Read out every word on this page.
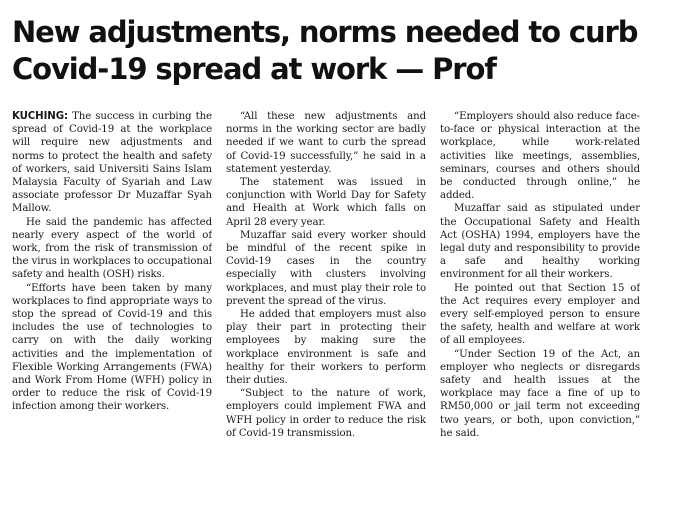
New adjustments, norms needed to curb Covid-19 spread at work — Prof

KUCHING: The success in curbing the spread of Covid-19 at the workplace will require new adjustments and norms to protect the health and safety of workers, said Universiti Sains Islam Malaysia Faculty of Syariah and Law associate professor Dr Muzaffar Syah Mallow.

He said the pandemic has affected nearly every aspect of the world of work, from the risk of transmission of the virus in workplaces to occupational safety and health (OSH) risks.

“Efforts have been taken by many workplaces to find appropriate ways to stop the spread of Covid-19 and this includes the use of technologies to carry on with the daily working activities and the implementation of Flexible Working Arrangements (FWA) and Work From Home (WFH) policy in order to reduce the risk of Covid-19 infection among their workers.

“All these new adjustments and norms in the working sector are badly needed if we want to curb the spread of Covid-19 successfully,” he said in a statement yesterday.

The statement was issued in conjunction with World Day for Safety and Health at Work which falls on April 28 every year.

Muzaffar said every worker should be mindful of the recent spike in Covid-19 cases in the country especially with clusters involving workplaces, and must play their role to prevent the spread of the virus.

He added that employers must also play their part in protecting their employees by making sure the workplace environment is safe and healthy for their workers to perform their duties.

“Subject to the nature of work, employers could implement FWA and WFH policy in order to reduce the risk of Covid-19 transmission.

“Employers should also reduce face-to-face or physical interaction at the workplace, while work-related activities like meetings, assemblies, seminars, courses and others should be conducted through online,” he added.

Muzaffar said as stipulated under the Occupational Safety and Health Act (OSHA) 1994, employers have the legal duty and responsibility to provide a safe and healthy working environment for all their workers.

He pointed out that Section 15 of the Act requires every employer and every self-employed person to ensure the safety, health and welfare at work of all employees.

“Under Section 19 of the Act, an employer who neglects or disregards safety and health issues at the workplace may face a fine of up to RM50,000 or jail term not exceeding two years, or both, upon conviction,” he said.
